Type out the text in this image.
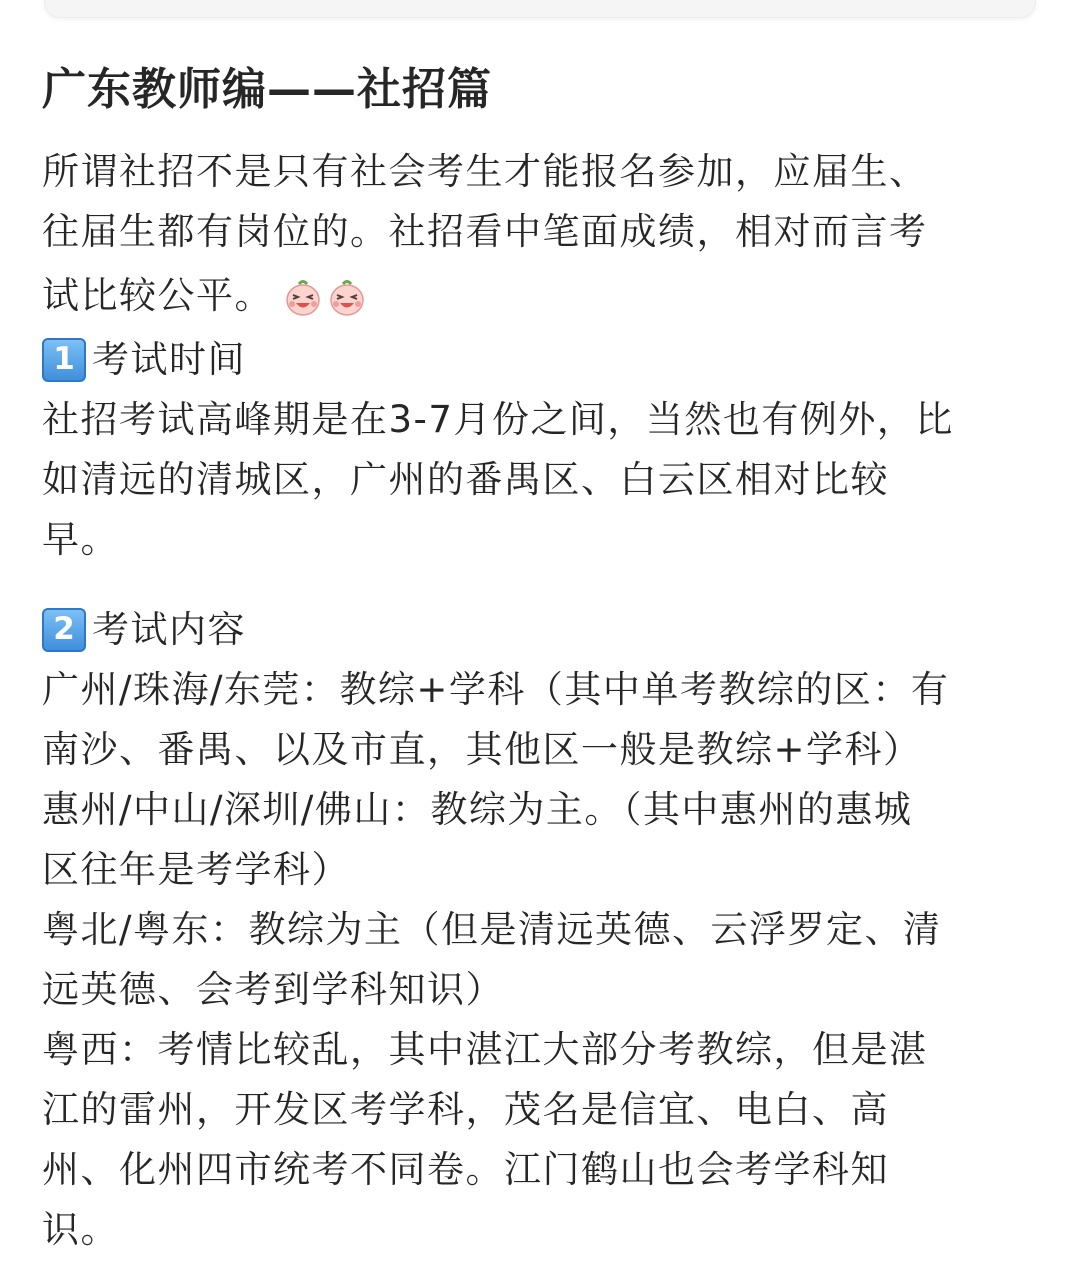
广东教师编——社招篇

所谓社招不是只有社会考生才能报名参加，应届生、

往届生都有岗位的。社招看中笔面成绩，相对而言考

试比较公平。
1 考试时间

社招考试高峰期是在3-7月份之间，当然也有例外，比

如清远的清城区，广州的番禺区、白云区相对比较

早。

2 考试内容

广州/珠海/东莞：教综+学科（其中单考教综的区：有

南沙、番禺、以及市直，其他区一般是教综+学科）

惠州/中山/深圳/佛山：教综为主。（其中惠州的惠城

区往年是考学科）

粤北/粤东：教综为主（但是清远英德、云浮罗定、清

远英德、会考到学科知识）

粤西：考情比较乱，其中湛江大部分考教综，但是湛

江的雷州，开发区考学科，茂名是信宜、电白、高

州、化州四市统考不同卷。江门鹤山也会考学科知

识。
